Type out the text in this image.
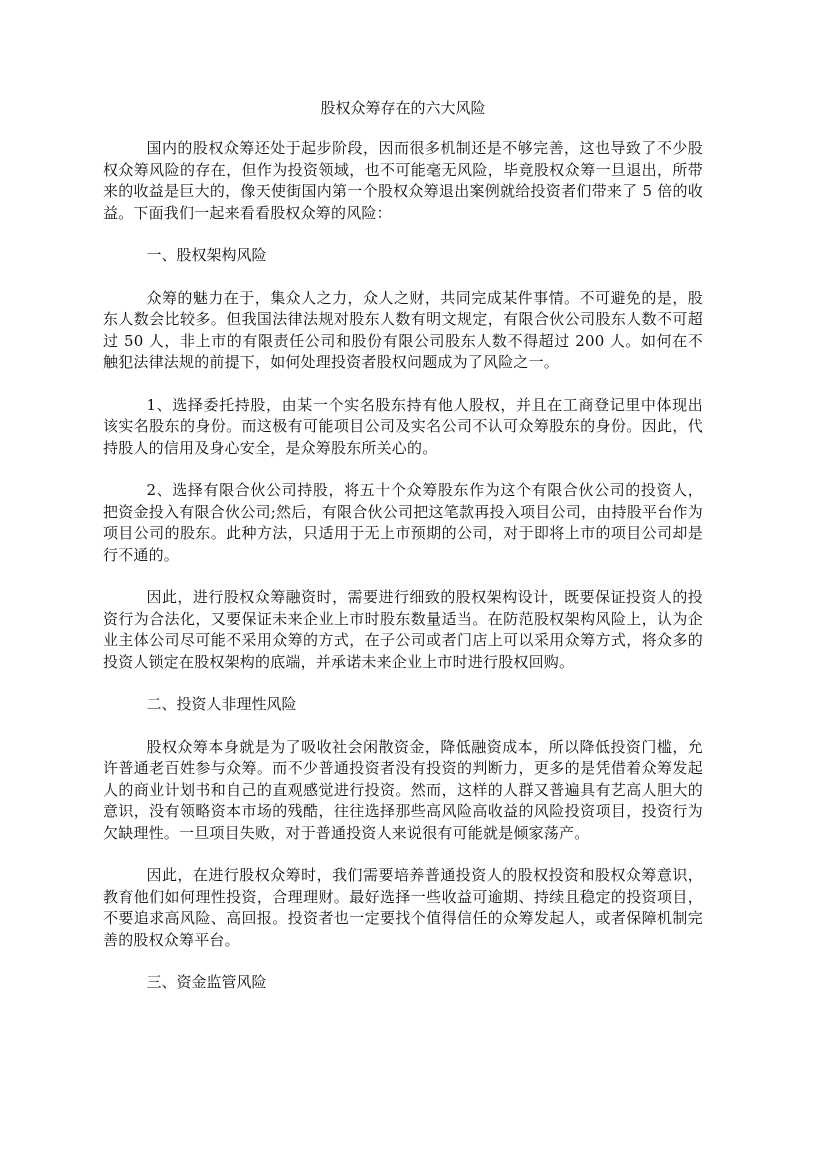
股权众筹存在的六大风险

国内的股权众筹还处于起步阶段，因而很多机制还是不够完善，这也导致了不少股权众筹风险的存在，但作为投资领域，也不可能毫无风险，毕竟股权众筹一旦退出，所带来的收益是巨大的，像天使街国内第一个股权众筹退出案例就给投资者们带来了 5 倍的收益。下面我们一起来看看股权众筹的风险：

一、股权架构风险

众筹的魅力在于，集众人之力，众人之财，共同完成某件事情。不可避免的是，股东人数会比较多。但我国法律法规对股东人数有明文规定，有限合伙公司股东人数不可超过 50 人，非上市的有限责任公司和股份有限公司股东人数不得超过 200 人。如何在不触犯法律法规的前提下，如何处理投资者股权问题成为了风险之一。

1、选择委托持股，由某一个实名股东持有他人股权，并且在工商登记里中体现出该实名股东的身份。而这极有可能项目公司及实名公司不认可众筹股东的身份。因此，代持股人的信用及身心安全，是众筹股东所关心的。

2、选择有限合伙公司持股，将五十个众筹股东作为这个有限合伙公司的投资人，把资金投入有限合伙公司;然后，有限合伙公司把这笔款再投入项目公司，由持股平台作为项目公司的股东。此种方法，只适用于无上市预期的公司，对于即将上市的项目公司却是行不通的。

因此，进行股权众筹融资时，需要进行细致的股权架构设计，既要保证投资人的投资行为合法化，又要保证未来企业上市时股东数量适当。在防范股权架构风险上，认为企业主体公司尽可能不采用众筹的方式，在子公司或者门店上可以采用众筹方式，将众多的投资人锁定在股权架构的底端，并承诺未来企业上市时进行股权回购。

二、投资人非理性风险

股权众筹本身就是为了吸收社会闲散资金，降低融资成本，所以降低投资门槛，允许普通老百姓参与众筹。而不少普通投资者没有投资的判断力，更多的是凭借着众筹发起人的商业计划书和自己的直观感觉进行投资。然而，这样的人群又普遍具有艺高人胆大的意识，没有领略资本市场的残酷，往往选择那些高风险高收益的风险投资项目，投资行为欠缺理性。一旦项目失败，对于普通投资人来说很有可能就是倾家荡产。

因此，在进行股权众筹时，我们需要培养普通投资人的股权投资和股权众筹意识，教育他们如何理性投资，合理理财。最好选择一些收益可逾期、持续且稳定的投资项目，不要追求高风险、高回报。投资者也一定要找个值得信任的众筹发起人，或者保障机制完善的股权众筹平台。

三、资金监管风险
